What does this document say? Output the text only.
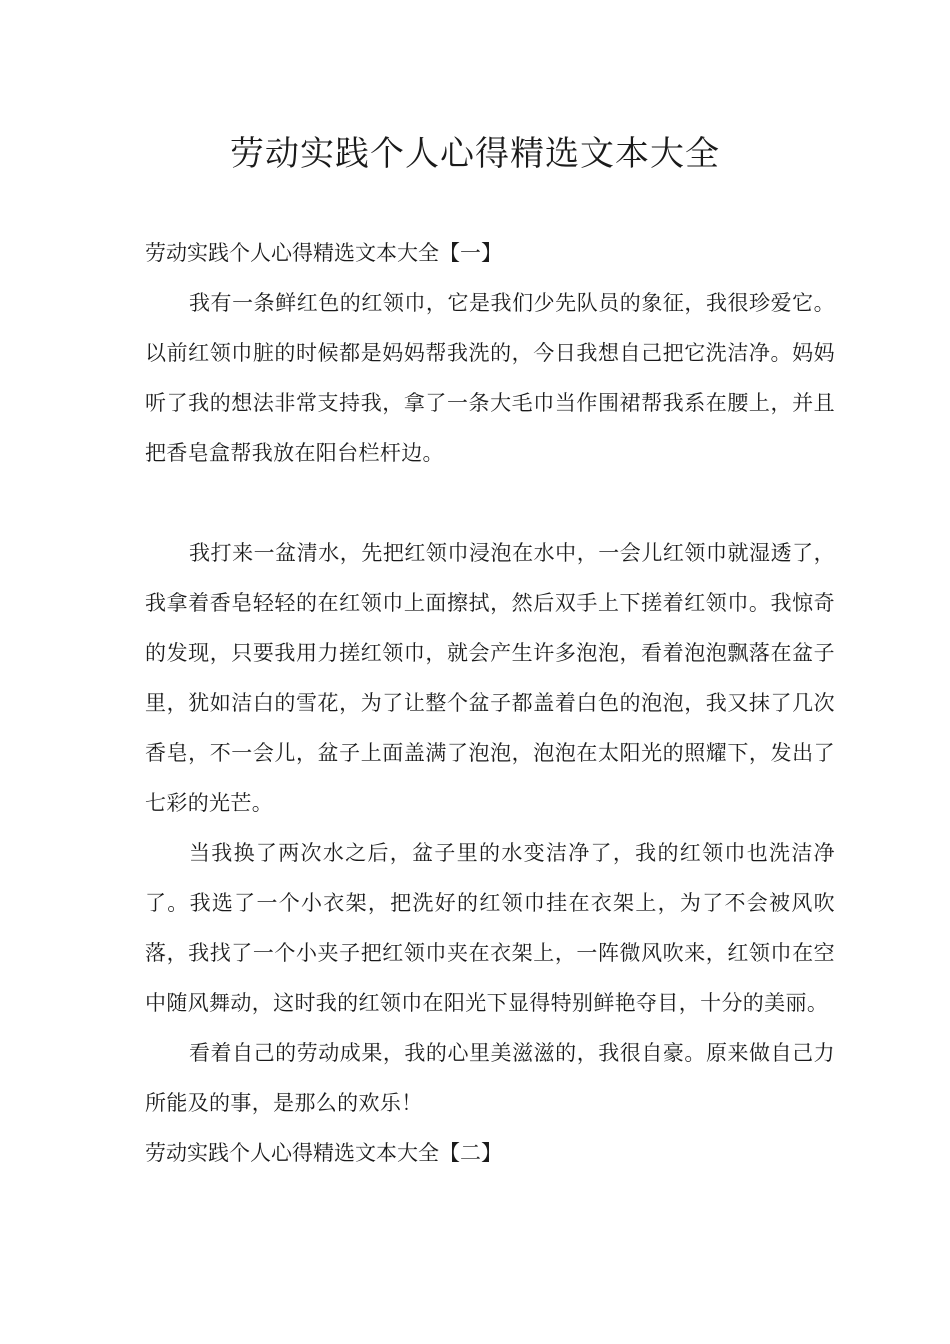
劳动实践个人心得精选文本大全
劳动实践个人心得精选文本大全【一】

我有一条鲜红色的红领巾，它是我们少先队员的象征，我很珍爱它。以前红领巾脏的时候都是妈妈帮我洗的，今日我想自己把它洗洁净。妈妈听了我的想法非常支持我，拿了一条大毛巾当作围裙帮我系在腰上，并且把香皂盒帮我放在阳台栏杆边。

我打来一盆清水，先把红领巾浸泡在水中，一会儿红领巾就湿透了，我拿着香皂轻轻的在红领巾上面擦拭，然后双手上下搓着红领巾。我惊奇的发现，只要我用力搓红领巾，就会产生许多泡泡，看着泡泡飘落在盆子里，犹如洁白的雪花，为了让整个盆子都盖着白色的泡泡，我又抹了几次香皂，不一会儿，盆子上面盖满了泡泡，泡泡在太阳光的照耀下，发出了七彩的光芒。

当我换了两次水之后，盆子里的水变洁净了，我的红领巾也洗洁净了。我选了一个小衣架，把洗好的红领巾挂在衣架上，为了不会被风吹落，我找了一个小夹子把红领巾夹在衣架上，一阵微风吹来，红领巾在空中随风舞动，这时我的红领巾在阳光下显得特别鲜艳夺目，十分的美丽。

看着自己的劳动成果，我的心里美滋滋的，我很自豪。原来做自己力所能及的事，是那么的欢乐！

劳动实践个人心得精选文本大全【二】
